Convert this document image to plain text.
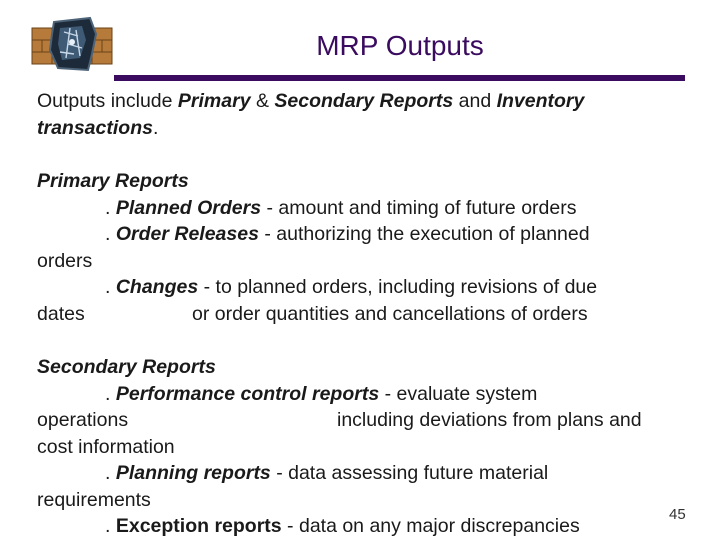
MRP Outputs

Outputs include Primary & Secondary Reports and Inventory transactions.

Primary Reports

. Planned Orders - amount and timing of future orders

. Order Releases - authorizing the execution of planned

orders

. Changes - to planned orders, including revisions of due

dates	or order quantities and cancellations of orders

Secondary Reports

. Performance control reports - evaluate system

operations	including deviations from plans and

cost information

. Planning reports - data assessing future material

requirements

. Exception reports - data on any major discrepancies

45
